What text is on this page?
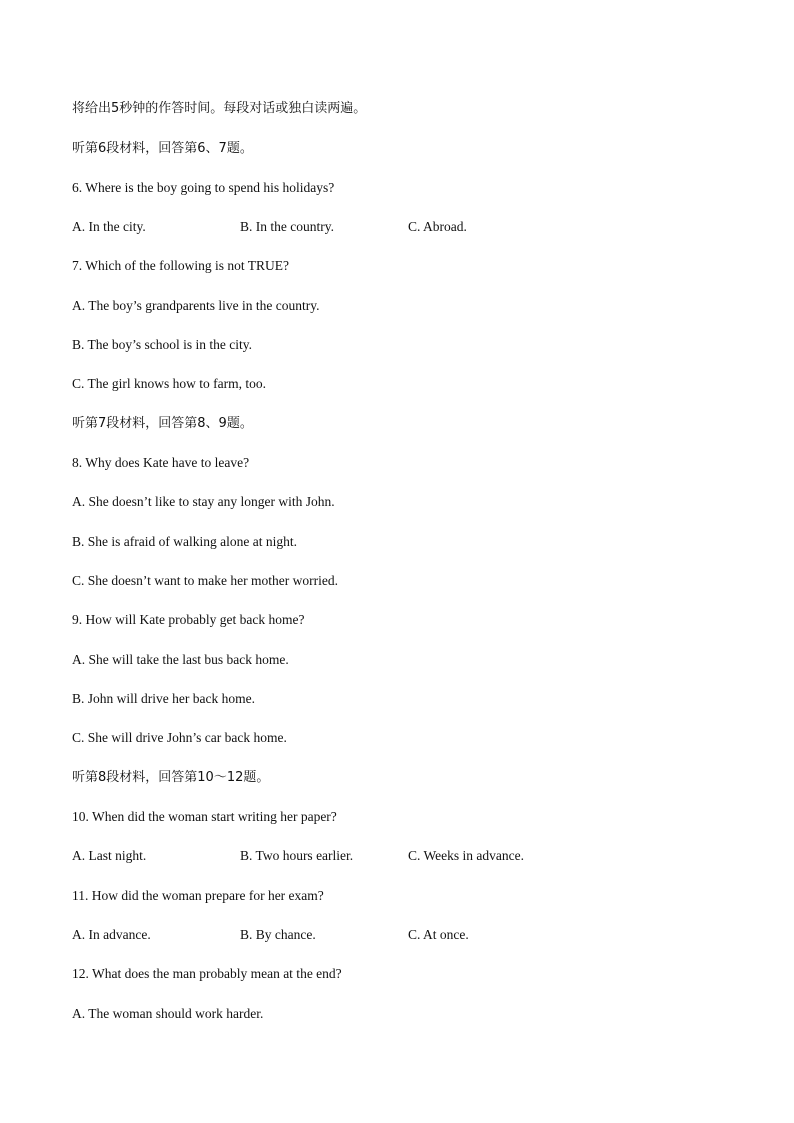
将给出5秒钟的作答时间。每段对话或独白读两遍。
听第6段材料，回答第6、7题。
6. Where is the boy going to spend his holidays?
A. In the city.	B. In the country.	C. Abroad.
7. Which of the following is not TRUE?
A. The boy’s grandparents live in the country.
B. The boy’s school is in the city.
C. The girl knows how to farm, too.
听第7段材料，回答第8、9题。
8. Why does Kate have to leave?
A. She doesn’t like to stay any longer with John.
B. She is afraid of walking alone at night.
C. She doesn’t want to make her mother worried.
9. How will Kate probably get back home?
A. She will take the last bus back home.
B. John will drive her back home.
C. She will drive John’s car back home.
听第8段材料，回答第10～12题。
10. When did the woman start writing her paper?
A. Last night.	B. Two hours earlier.	C. Weeks in advance.
11. How did the woman prepare for her exam?
A. In advance.	B. By chance.	C. At once.
12. What does the man probably mean at the end?
A. The woman should work harder.
